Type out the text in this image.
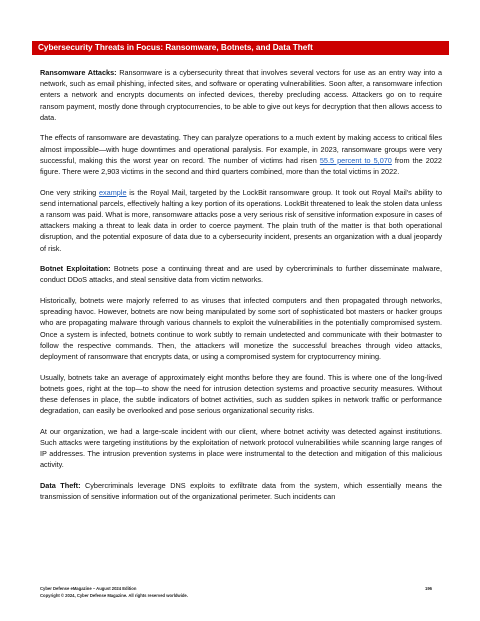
Cybersecurity Threats in Focus: Ransomware, Botnets, and Data Theft

Ransomware Attacks: Ransomware is a cybersecurity threat that involves several vectors for use as an entry way into a network, such as email phishing, infected sites, and software or operating vulnerabilities. Soon after, a ransomware infection enters a network and encrypts documents on infected devices, thereby precluding access. Attackers go on to require ransom payment, mostly done through cryptocurrencies, to be able to give out keys for decryption that then allows access to data.

The effects of ransomware are devastating. They can paralyze operations to a much extent by making access to critical files almost impossible—with huge downtimes and operational paralysis. For example, in 2023, ransomware groups were very successful, making this the worst year on record. The number of victims had risen 55.5 percent to 5,070 from the 2022 figure. There were 2,903 victims in the second and third quarters combined, more than the total victims in 2022.

One very striking example is the Royal Mail, targeted by the LockBit ransomware group. It took out Royal Mail's ability to send international parcels, effectively halting a key portion of its operations. LockBit threatened to leak the stolen data unless a ransom was paid. What is more, ransomware attacks pose a very serious risk of sensitive information exposure in cases of attackers making a threat to leak data in order to coerce payment. The plain truth of the matter is that both operational disruption, and the potential exposure of data due to a cybersecurity incident, presents an organization with a dual jeopardy of risk.

Botnet Exploitation: Botnets pose a continuing threat and are used by cybercriminals to further disseminate malware, conduct DDoS attacks, and steal sensitive data from victim networks.

Historically, botnets were majorly referred to as viruses that infected computers and then propagated through networks, spreading havoc. However, botnets are now being manipulated by some sort of sophisticated bot masters or hacker groups who are propagating malware through various channels to exploit the vulnerabilities in the potentially compromised system. Once a system is infected, botnets continue to work subtly to remain undetected and communicate with their botmaster to follow the respective commands. Then, the attackers will monetize the successful breaches through video attacks, deployment of ransomware that encrypts data, or using a compromised system for cryptocurrency mining.

Usually, botnets take an average of approximately eight months before they are found. This is where one of the long-lived botnets goes, right at the top—to show the need for intrusion detection systems and proactive security measures. Without these defenses in place, the subtle indicators of botnet activities, such as sudden spikes in network traffic or performance degradation, can easily be overlooked and pose serious organizational security risks.

At our organization, we had a large-scale incident with our client, where botnet activity was detected against institutions. Such attacks were targeting institutions by the exploitation of network protocol vulnerabilities while scanning large ranges of IP addresses. The intrusion prevention systems in place were instrumental to the detection and mitigation of this malicious activity.

Data Theft: Cybercriminals leverage DNS exploits to exfiltrate data from the system, which essentially means the transmission of sensitive information out of the organizational perimeter. Such incidents can

Cyber Defense eMagazine – August 2024 Edition	196
Copyright © 2024, Cyber Defense Magazine. All rights reserved worldwide.
